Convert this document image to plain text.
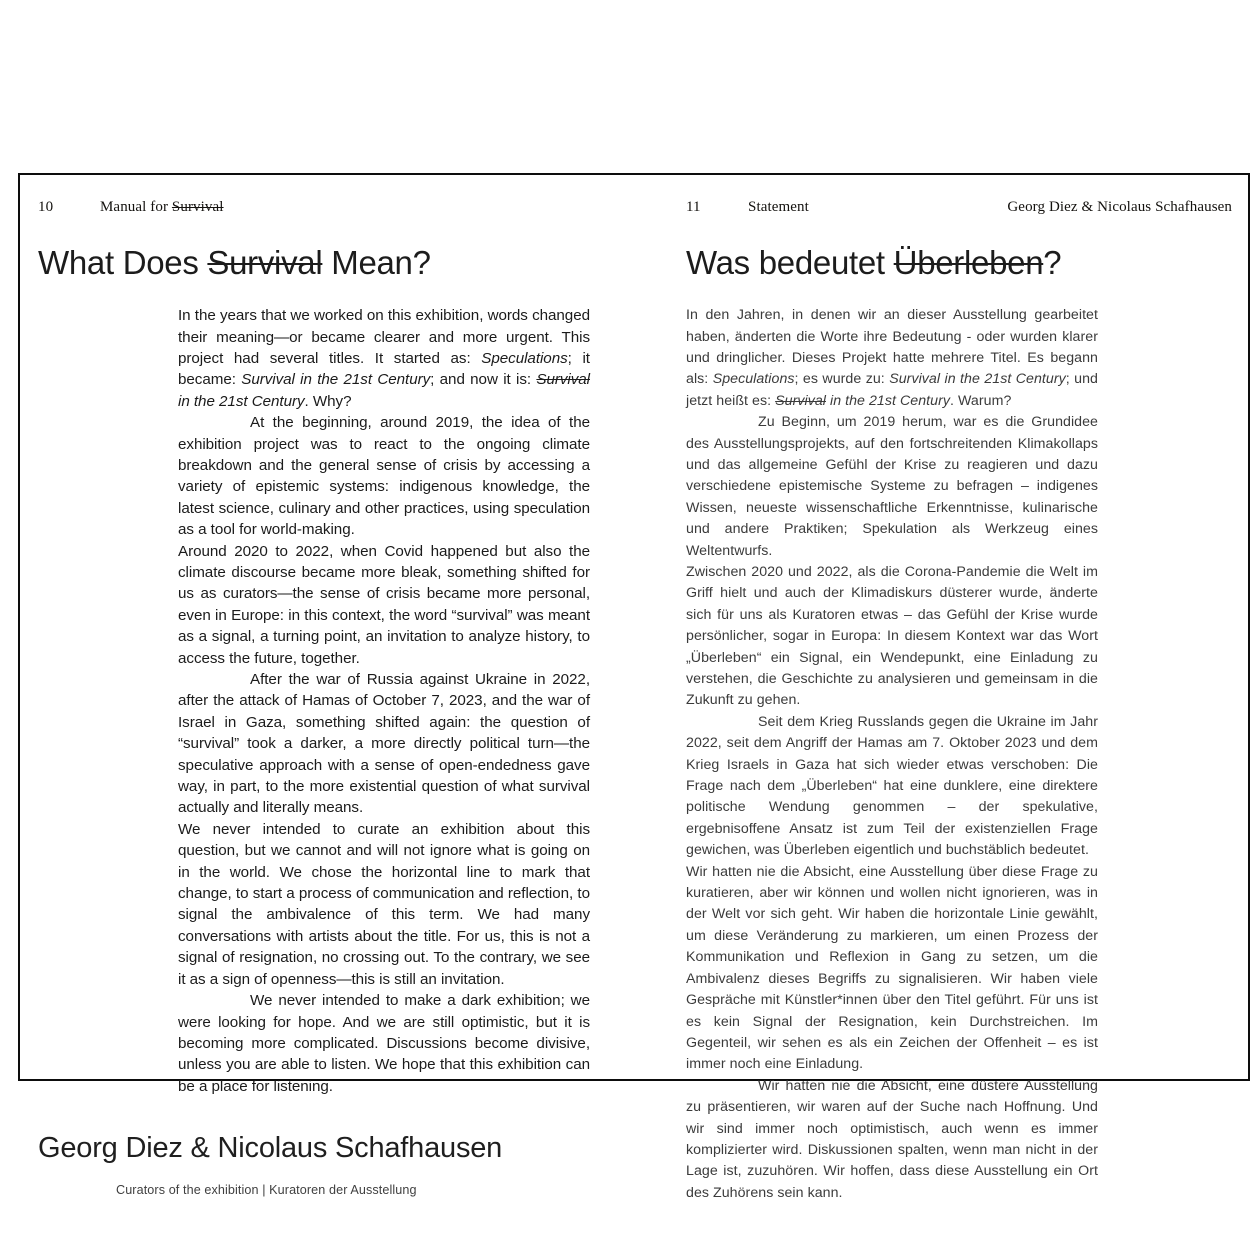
10	Manual for Survival
What Does Survival Mean?

In the years that we worked on this exhibition, words changed their meaning—or became clearer and more urgent. This project had several titles. It started as: Speculations; it became: Survival in the 21st Century; and now it is: Survival in the 21st Century. Why?

At the beginning, around 2019, the idea of the exhibition project was to react to the ongoing climate breakdown and the general sense of crisis by accessing a variety of epistemic systems: indigenous knowledge, the latest science, culinary and other practices, using speculation as a tool for world-making.

Around 2020 to 2022, when Covid happened but also the climate discourse became more bleak, something shifted for us as curators—the sense of crisis became more personal, even in Europe: in this context, the word “survival” was meant as a signal, a turning point, an invitation to analyze history, to access the future, together.

After the war of Russia against Ukraine in 2022, after the attack of Hamas of October 7, 2023, and the war of Israel in Gaza, something shifted again: the question of “survival” took a darker, a more directly political turn—the speculative approach with a sense of open-endedness gave way, in part, to the more existential question of what survival actually and literally means.

We never intended to curate an exhibition about this question, but we cannot and will not ignore what is going on in the world. We chose the horizontal line to mark that change, to start a process of communication and reflection, to signal the ambivalence of this term. We had many conversations with artists about the title. For us, this is not a signal of resignation, no crossing out. To the contrary, we see it as a sign of openness—this is still an invitation.

We never intended to make a dark exhibition; we were looking for hope. And we are still optimistic, but it is becoming more complicated. Discussions become divisive, unless you are able to listen. We hope that this exhibition can be a place for listening.

Georg Diez & Nicolaus Schafhausen
Curators of the exhibition | Kuratoren der Ausstellung
11	Statement	Georg Diez & Nicolaus Schafhausen
Was bedeutet Überleben?

In den Jahren, in denen wir an dieser Ausstellung gearbeitet haben, änderten die Worte ihre Bedeutung - oder wurden klarer und dringlicher. Dieses Projekt hatte mehrere Titel. Es begann als: Speculations; es wurde zu: Survival in the 21st Century; und jetzt heißt es: Survival in the 21st Century. Warum?

Zu Beginn, um 2019 herum, war es die Grundidee des Ausstellungsprojekts, auf den fortschreitenden Klimakollaps und das allgemeine Gefühl der Krise zu reagieren und dazu verschiedene epistemische Systeme zu befragen – indigenes Wissen, neueste wissenschaftliche Erkenntnisse, kulinarische und andere Praktiken; Spekulation als Werkzeug eines Weltentwurfs.

Zwischen 2020 und 2022, als die Corona-Pandemie die Welt im Griff hielt und auch der Klimadiskurs düsterer wurde, änderte sich für uns als Kuratoren etwas – das Gefühl der Krise wurde persönlicher, sogar in Europa: In diesem Kontext war das Wort „Überleben“ ein Signal, ein Wendepunkt, eine Einladung zu verstehen, die Geschichte zu analysieren und gemeinsam in die Zukunft zu gehen.

Seit dem Krieg Russlands gegen die Ukraine im Jahr 2022, seit dem Angriff der Hamas am 7. Oktober 2023 und dem Krieg Israels in Gaza hat sich wieder etwas verschoben: Die Frage nach dem „Überleben“ hat eine dunklere, eine direktere politische Wendung genommen – der spekulative, ergebnisoffene Ansatz ist zum Teil der existenziellen Frage gewichen, was Überleben eigentlich und buchstäblich bedeutet.

Wir hatten nie die Absicht, eine Ausstellung über diese Frage zu kuratieren, aber wir können und wollen nicht ignorieren, was in der Welt vor sich geht. Wir haben die horizontale Linie gewählt, um diese Veränderung zu markieren, um einen Prozess der Kommunikation und Reflexion in Gang zu setzen, um die Ambivalenz dieses Begriffs zu signalisieren. Wir haben viele Gespräche mit Künstler*innen über den Titel geführt. Für uns ist es kein Signal der Resignation, kein Durchstreichen. Im Gegenteil, wir sehen es als ein Zeichen der Offenheit – es ist immer noch eine Einladung.

Wir hatten nie die Absicht, eine düstere Ausstellung zu präsentieren, wir waren auf der Suche nach Hoffnung. Und wir sind immer noch optimistisch, auch wenn es immer komplizierter wird. Diskussionen spalten, wenn man nicht in der Lage ist, zuzuhören. Wir hoffen, dass diese Ausstellung ein Ort des Zuhörens sein kann.
